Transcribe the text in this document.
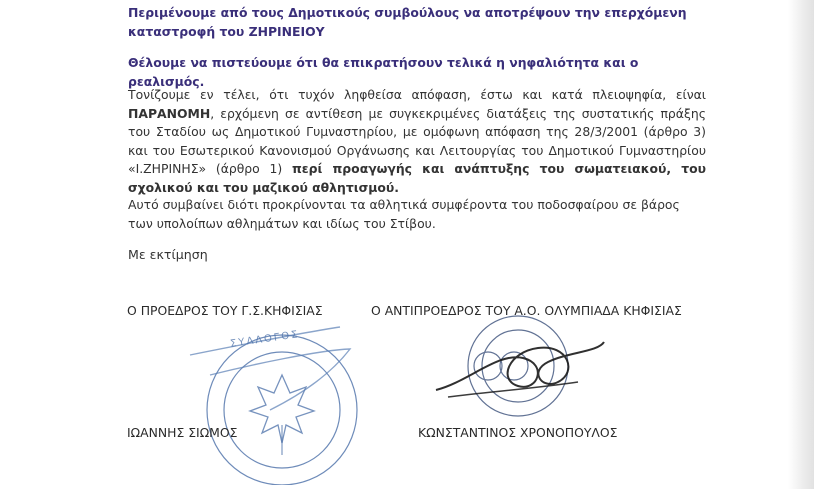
Περιμένουμε από τους Δημοτικούς συμβούλους να αποτρέψουν την επερχόμενη καταστροφή του ΖΗΡΙΝΕΙΟΥ
Θέλουμε να πιστεύουμε ότι θα επικρατήσουν τελικά η νηφαλιότητα και ο ρεαλισμός.
Τονίζουμε εν τέλει, ότι τυχόν ληφθείσα απόφαση, έστω και κατά πλειοψηφία, είναι ΠΑΡΑΝΟΜΗ, ερχόμενη σε αντίθεση με συγκεκριμένες διατάξεις της συστατικής πράξης του Σταδίου ως Δημοτικού Γυμναστηρίου, με ομόφωνη απόφαση της 28/3/2001 (άρθρο 3) και του Εσωτερικού Κανονισμού Οργάνωσης και Λειτουργίας του Δημοτικού Γυμναστηρίου «Ι.ΖΗΡΙΝΗΣ» (άρθρο 1) περί προαγωγής και ανάπτυξης του σωματειακού, του σχολικού και του μαζικού αθλητισμού.
Αυτό συμβαίνει διότι προκρίνονται τα αθλητικά συμφέροντα του ποδοσφαίρου σε βάρος των υπολοίπων αθλημάτων και ιδίως του Στίβου.
Με εκτίμηση
Ο ΠΡΟΕΔΡΟΣ ΤΟΥ Γ.Σ.ΚΗΦΙΣΙΑΣ	Ο ΑΝΤΙΠΡΟΕΔΡΟΣ ΤΟΥ Α.Ο. ΟΛΥΜΠΙΑΔΑ ΚΗΦΙΣΙΑΣ
ΣΥΛΛΟΓΟΣ
ΙΩΑΝΝΗΣ ΣΙΩΜΟΣ	ΚΩΝΣΤΑΝΤΙΝΟΣ ΧΡΟΝΟΠΟΥΛΟΣ
